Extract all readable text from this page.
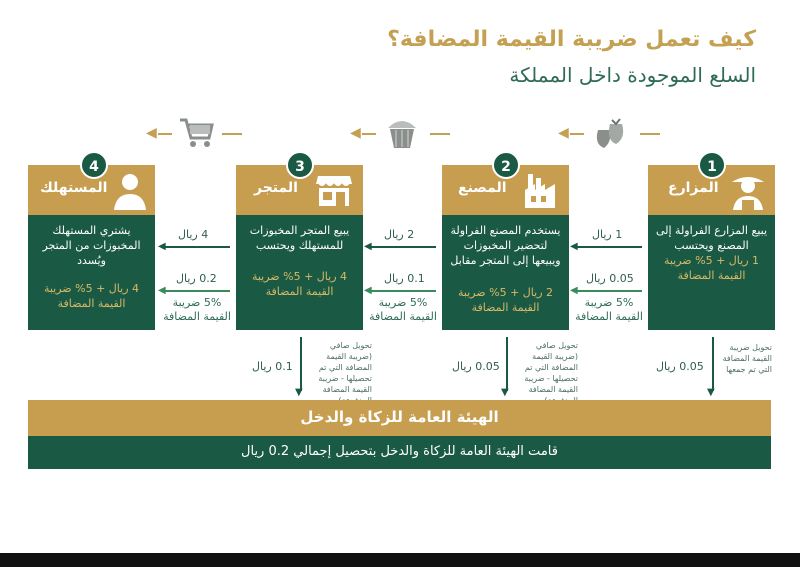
كيف تعمل ضريبة القيمة المضافة؟
السلع الموجودة داخل المملكة
◀	◀	◀
4
المستهلك
يشتري المستهلك المخبوزات من المتجر ويُسدد
4 ريال + 5% ضريبة القيمة المضافة
3
المتجر
يبيع المتجر المخبوزات للمستهلك ويحتسب
4 ريال + 5% ضريبة القيمة المضافة
2
المصنع
يستخدم المصنع الفراولة لتحضير المخبوزات ويبيعها إلى المتجر مقابل
2 ريال + 5% ضريبة القيمة المضافة
1
المزارع
يبيع المزارع الفراولة إلى المصنع ويحتسب
1 ريال + 5% ضريبة القيمة المضافة
4 ريال
◀
0.2 ريال
◀
5% ضريبة القيمة المضافة
2 ريال
◀
0.1 ريال
◀
5% ضريبة القيمة المضافة
1 ريال
◀
0.05 ريال
◀
5% ضريبة القيمة المضافة
0.1 ريال
▼
تحويل صافي (ضريبة القيمة المضافة التي تم تحصيلها - ضريبة القيمة المضافة
0.05 ريال
▼
تحويل صافي (ضريبة القيمة المضافة التي تم تحصيلها - ضريبة القيمة المضافة
0.05 ريال
▼
تحويل ضريبة القيمة المضافة التي تم جمعها
الهيئة العامة للزكاة والدخل
قامت الهيئة العامة للزكاة والدخل بتحصيل إجمالي 0.2 ريال
